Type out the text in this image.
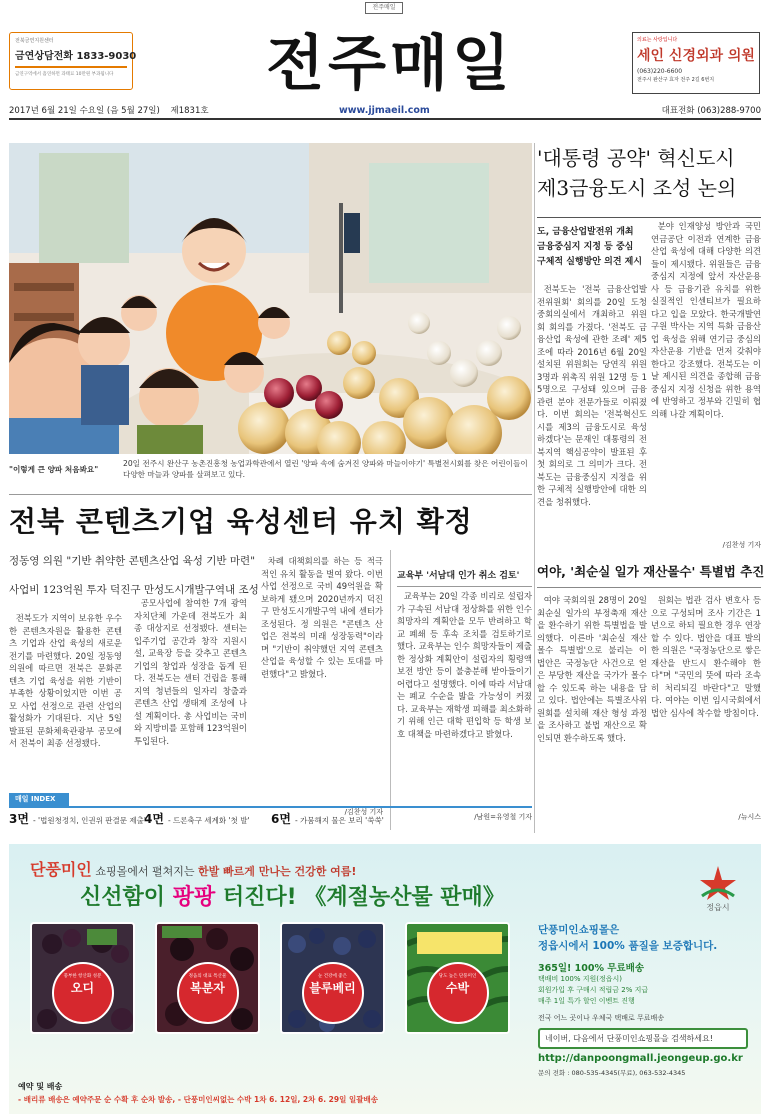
전주매일
전북금연지원센터
금연상담전화 1833-9030
금연구역에서 흡연하면 과태료 10만원 부과됩니다	전주매일	의료는 사랑입니다
세인 신경외과 의원
(063)220-6600
전주시 완산구 효자 전주 2길 6번지
2017년 6월 21일 수요일 (음 5월 27일) 제1831호	www.jjmaeil.com	대표전화 (063)288-9700
"이렇게 큰 양파 처음봐요"
20일 전주시 완산구 농촌진흥청 농업과학관에서 열린 '양파 속에 숨겨진 양파와 마늘이야기' 특별전시회를 찾은 어린이들이 다양한 마늘과 양파를 살펴보고 있다.
'대통령 공약' 혁신도시
제3금융도시 조성 논의
도, 금융산업발전위 개최
금융중심지 지정 등 중심
구체적 실행방안 의견 제시

전북도는 '전북 금융산업발전위원회' 회의를 20일 도청 중회의실에서 개최하고 위원회 회의를 가졌다. '전북도 금융산업 육성에 관한 조례' 제5조에 따라 2016년 6월 20일 설치된 위원회는 당연직 위원 3명과 위촉직 위원 12명 등 15명으로 구성돼 있으며 금융관련 분야 전문가들로 이뤄졌다. 이번 회의는 '전북혁신도시를 제3의 금융도시로 육성하겠다'는 문재인 대통령의 전북지역 핵심공약이 발표된 후 첫 회의로 그 의미가 크다. 전북도는 금융중심지 지정을 위한 구체적 실행방안에 대한 의견을 청취했다.

분야 인재양성 방안과 국민연금공단 이전과 연계한 금융산업 육성에 대해 다양한 의견들이 제시됐다. 위원들은 금융중심지 지정에 앞서 자산운용사 등 금융기관 유치를 위한 실질적인 인센티브가 필요하다고 입을 모았다. 한국개발연구원 박사는 지역 특화 금융산업 육성을 위해 연기금 중심의 자산운용 기반을 먼저 갖춰야 한다고 강조했다. 전북도는 이날 제시된 의견을 종합해 금융중심지 지정 신청을 위한 용역에 반영하고 정부와 긴밀히 협의해 나갈 계획이다.

/김찬성 기자
전북 콘텐츠기업 육성센터 유치 확정
정동영 의원 "기반 취약한 콘텐츠산업 육성 기반 마련"
사업비 123억원 투자 덕진구 만성도시개발구역내 조성

전북도가 지역이 보유한 우수한 콘텐츠자원을 활용한 콘텐츠 기업과 산업 육성의 새로운 전기를 마련했다. 20일 정동영 의원에 따르면 전북은 문화콘텐츠 기업 육성을 위한 기반이 부족한 상황이었지만 이번 공모 사업 선정으로 관련 산업의 활성화가 기대된다. 지난 5일 발표된 문화체육관광부 공모에서 전북이 최종 선정됐다.

공모사업에 참여한 7개 광역자치단체 가운데 전북도가 최종 대상지로 선정됐다. 센터는 입주기업 공간과 창작 지원시설, 교육장 등을 갖추고 콘텐츠 기업의 창업과 성장을 돕게 된다. 전북도는 센터 건립을 통해 지역 청년들의 일자리 창출과 콘텐츠 산업 생태계 조성에 나설 계획이다. 총 사업비는 국비와 지방비를 포함해 123억원이 투입된다.

차례 대책회의를 하는 등 적극적인 유치 활동을 벌여 왔다. 이번 사업 선정으로 국비 49억원을 확보하게 됐으며 2020년까지 덕진구 만성도시개발구역 내에 센터가 조성된다. 정 의원은 "콘텐츠 산업은 전북의 미래 성장동력"이라며 "기반이 취약했던 지역 콘텐츠 산업을 육성할 수 있는 토대를 마련했다"고 밝혔다.

/김찬성 기자
교육부 '서남대 인가 취소 검토'

교육부는 20일 각종 비리로 설립자가 구속된 서남대 정상화를 위한 인수 희망자의 계획안을 모두 반려하고 학교 폐쇄 등 후속 조치를 검토하기로 했다. 교육부는 인수 희망자들이 제출한 정상화 계획안이 설립자의 횡령액 보전 방안 등이 불충분해 받아들이기 어렵다고 설명했다. 이에 따라 서남대는 폐교 수순을 밟을 가능성이 커졌다. 교육부는 재학생 피해를 최소화하기 위해 인근 대학 편입학 등 학생 보호 대책을 마련하겠다고 밝혔다.

/남원=유영철 기자
여야, '최순실 일가 재산몰수' 특별법 추진

여야 국회의원 28명이 20일 최순실 일가의 부정축재 재산을 환수하기 위한 특별법을 발의했다. 이른바 '최순실 재산몰수 특별법'으로 불리는 이 법안은 국정농단 사건으로 얻은 부당한 재산을 국가가 몰수할 수 있도록 하는 내용을 담고 있다. 법안에는 특별조사위원회를 설치해 재산 형성 과정을 조사하고 불법 재산으로 확인되면 환수하도록 했다.

원회는 법관 검사 변호사 등으로 구성되며 조사 기간은 1년으로 하되 필요한 경우 연장할 수 있다. 법안을 대표 발의한 의원은 "국정농단으로 쌓은 재산을 반드시 환수해야 한다"며 "국민의 뜻에 따라 조속히 처리되길 바란다"고 말했다. 여야는 이번 임시국회에서 법안 심사에 착수할 방침이다.

/뉴시스
매일 INDEX
3면 - '법원청정치, 인권위 판결문 제출'
4면 - 드론축구 세계화 '첫 발' 6면 - 가뭄해지 물은 보리 '쑥쑥'
단풍미인 쇼핑몰에서 펼쳐지는 한발 빠르게 만나는 건강한 여름!
신선함이 팡팡 터진다! 《계절농산물 판매》	정읍시
풍부한 항산화 성분
오디
정읍의 대표 특산물
복분자
눈 건강에 좋은
블루베리
당도 높은 단풍미인
수박
단풍미인쇼핑몰은
정읍시에서 100% 품질을 보증합니다.
365일! 100% 무료배송
택배비 100% 지원(정읍시)
회원가입 후 구매시 적립금 2% 지급
매주 1일 특가 할인 이벤트 진행
전국 어느 곳이나 우체국 택배로 무료배송
네이버, 다음에서 단풍미인쇼핑몰을 검색하세요!
http://danpoongmall.jeongeup.go.kr
문의 전화 : 080-535-4345(무료), 063-532-4345
예약 및 배송
- 배리류 배송은 예약주문 순 수확 후 순차 발송, - 단풍미인씨없는 수박 1차 6. 12일, 2차 6. 29일 일괄배송
